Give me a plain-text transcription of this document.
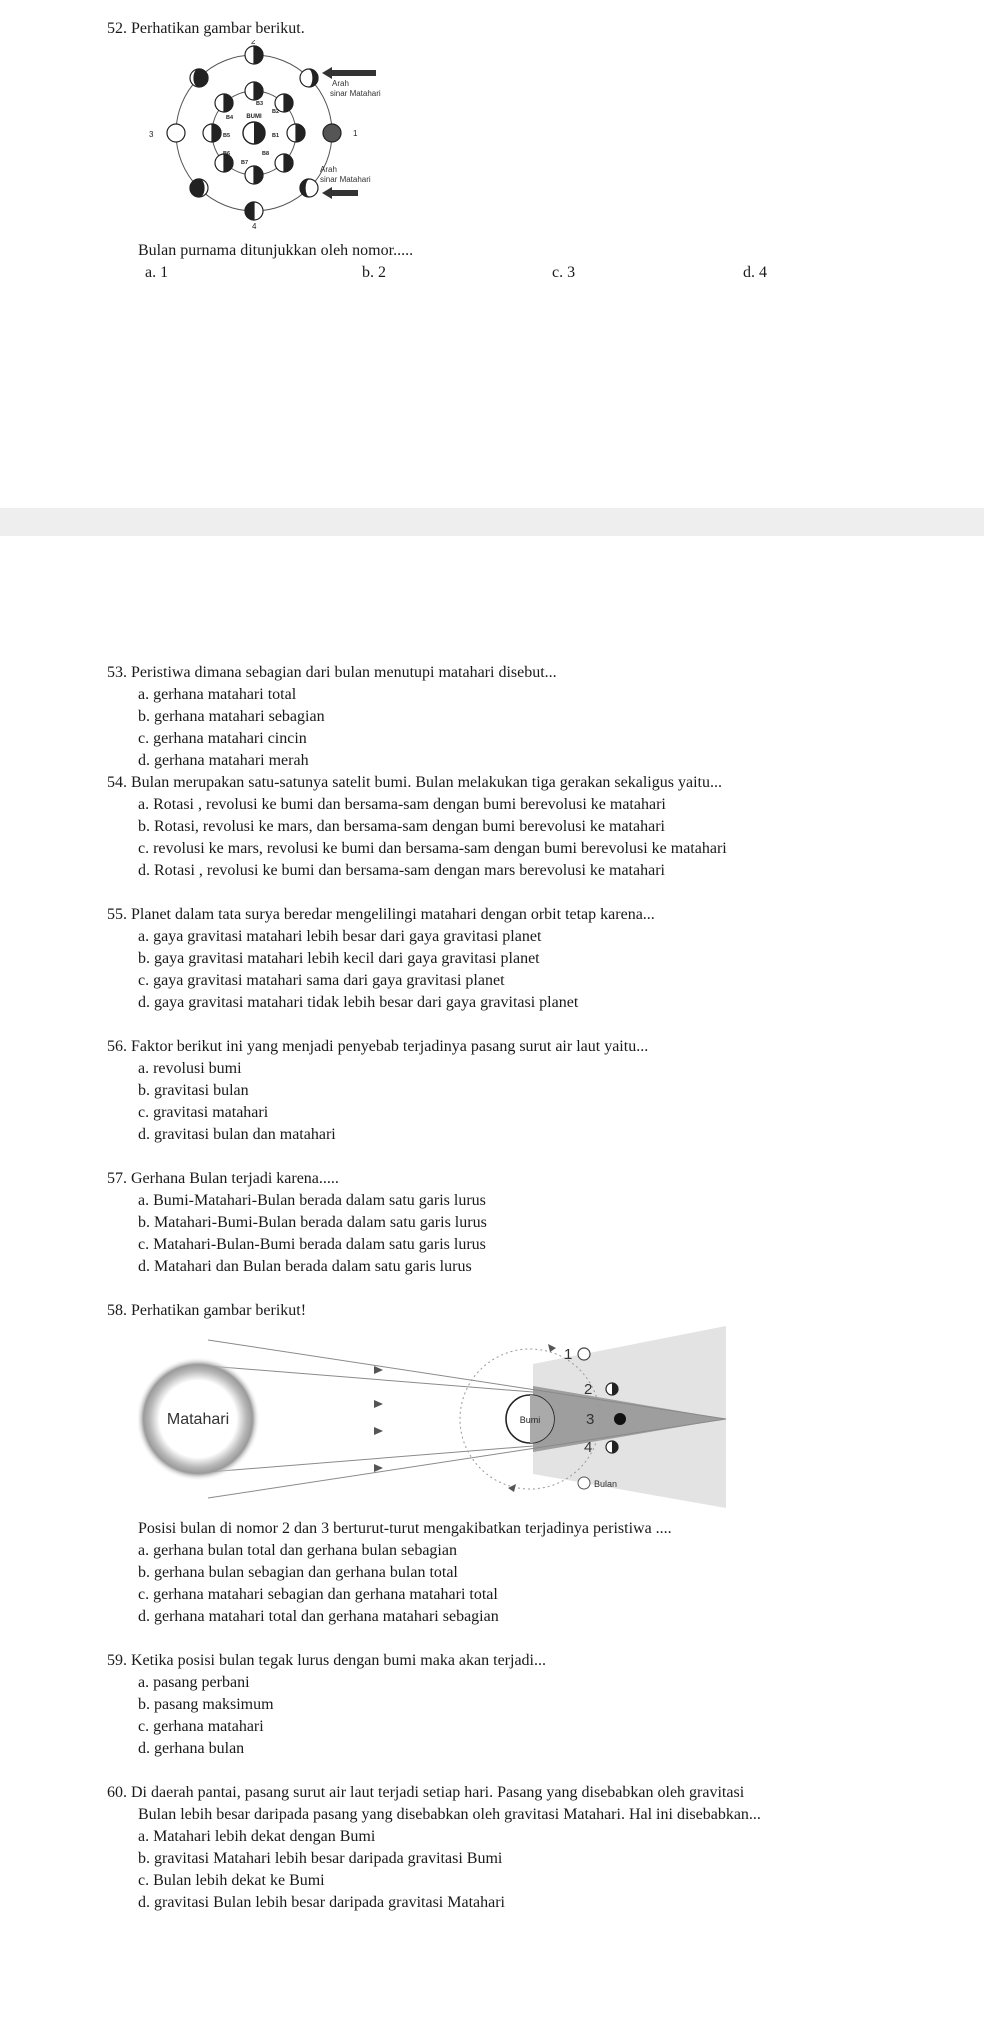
52. Perhatikan gambar berikut.
BUMI
B1
B2
B3
B4
B5
B6
B7
B8
1
2
3
4
Arah
sinar Matahari
Arah
sinar Matahari
Bulan purnama ditunjukkan oleh nomor.....
a. 1	b. 2	c. 3	d. 4
53. Peristiwa dimana sebagian dari bulan menutupi matahari disebut...
a. gerhana matahari total
b. gerhana matahari sebagian
c. gerhana matahari cincin
d. gerhana matahari merah
54. Bulan merupakan satu-satunya satelit bumi. Bulan melakukan tiga gerakan sekaligus yaitu...
a. Rotasi , revolusi ke bumi dan bersama-sam dengan bumi berevolusi ke matahari
b. Rotasi, revolusi ke mars, dan bersama-sam dengan bumi berevolusi ke matahari
c. revolusi ke mars, revolusi ke bumi dan bersama-sam dengan bumi berevolusi ke matahari
d. Rotasi , revolusi ke bumi dan bersama-sam dengan mars berevolusi ke matahari
55. Planet dalam tata surya beredar mengelilingi matahari dengan orbit tetap karena...
a. gaya gravitasi matahari lebih besar dari gaya gravitasi planet
b. gaya gravitasi matahari lebih kecil dari gaya gravitasi planet
c. gaya gravitasi matahari sama dari gaya gravitasi planet
d. gaya gravitasi matahari tidak lebih besar dari gaya gravitasi planet
56. Faktor berikut ini yang menjadi penyebab terjadinya pasang surut air laut yaitu...
a. revolusi bumi
b. gravitasi bulan
c. gravitasi matahari
d. gravitasi bulan dan matahari
57. Gerhana Bulan terjadi karena.....
a. Bumi-Matahari-Bulan berada dalam satu garis lurus
b. Matahari-Bumi-Bulan berada dalam satu garis lurus
c. Matahari-Bulan-Bumi berada dalam satu garis lurus
d. Matahari dan Bulan berada dalam satu garis lurus
58. Perhatikan gambar berikut!
Matahari	Bumi
1
2
3
4
Bulan
Posisi bulan di nomor 2 dan 3 berturut-turut mengakibatkan terjadinya peristiwa ....
a. gerhana bulan total dan gerhana bulan sebagian
b. gerhana bulan sebagian dan gerhana bulan total
c. gerhana matahari sebagian dan gerhana matahari total
d. gerhana matahari total dan gerhana matahari sebagian
59. Ketika posisi bulan tegak lurus dengan bumi maka akan terjadi...
a. pasang perbani
b. pasang maksimum
c. gerhana matahari
d. gerhana bulan
60. Di daerah pantai, pasang surut air laut terjadi setiap hari. Pasang yang disebabkan oleh gravitasi
Bulan lebih besar daripada pasang yang disebabkan oleh gravitasi Matahari. Hal ini disebabkan...
a. Matahari lebih dekat dengan Bumi
b. gravitasi Matahari lebih besar daripada gravitasi Bumi
c. Bulan lebih dekat ke Bumi
d. gravitasi Bulan lebih besar daripada gravitasi Matahari
